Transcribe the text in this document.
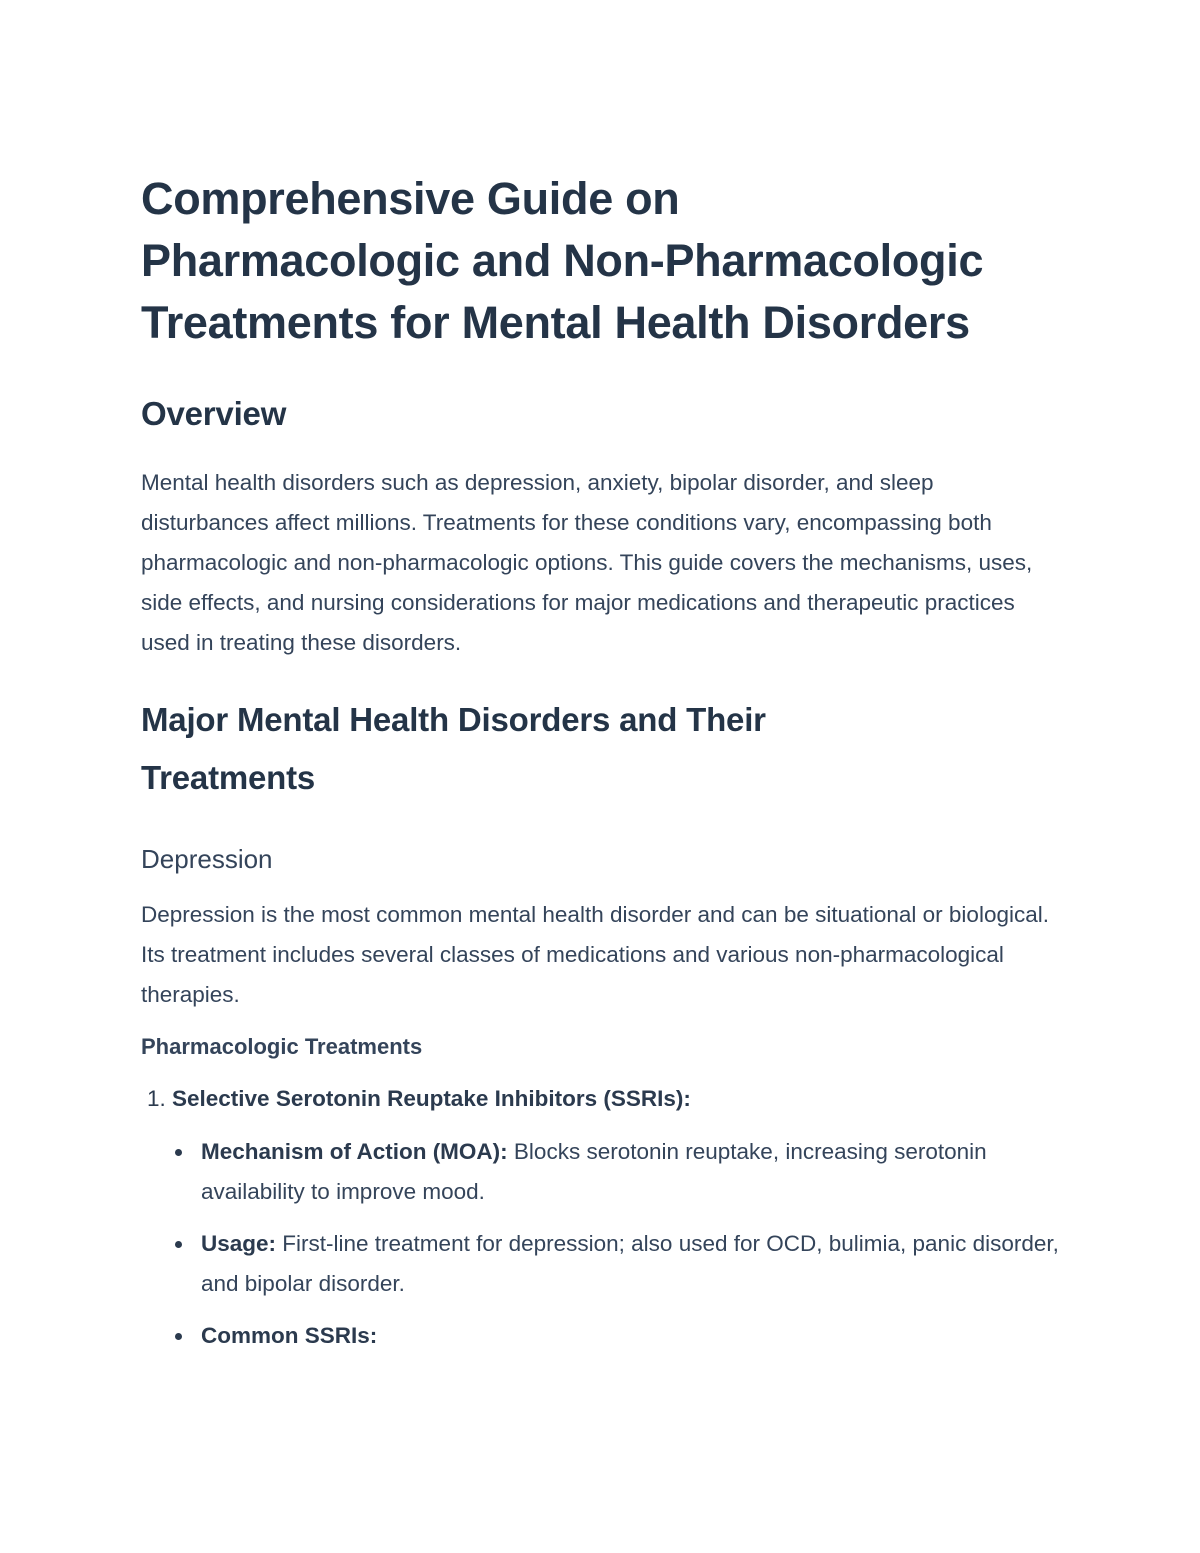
Comprehensive Guide on
Pharmacologic and Non-Pharmacologic
Treatments for Mental Health Disorders
Overview

Mental health disorders such as depression, anxiety, bipolar disorder, and sleep disturbances affect millions. Treatments for these conditions vary, encompassing both pharmacologic and non-pharmacologic options. This guide covers the mechanisms, uses, side effects, and nursing considerations for major medications and therapeutic practices used in treating these disorders.

Major Mental Health Disorders and Their
Treatments
Depression

Depression is the most common mental health disorder and can be situational or biological. Its treatment includes several classes of medications and various non-pharmacological therapies.

Pharmacologic Treatments
1. Selective Serotonin Reuptake Inhibitors (SSRIs):
Mechanism of Action (MOA): Blocks serotonin reuptake, increasing serotonin availability to improve mood.
Usage: First-line treatment for depression; also used for OCD, bulimia, panic disorder, and bipolar disorder.
Common SSRIs:
